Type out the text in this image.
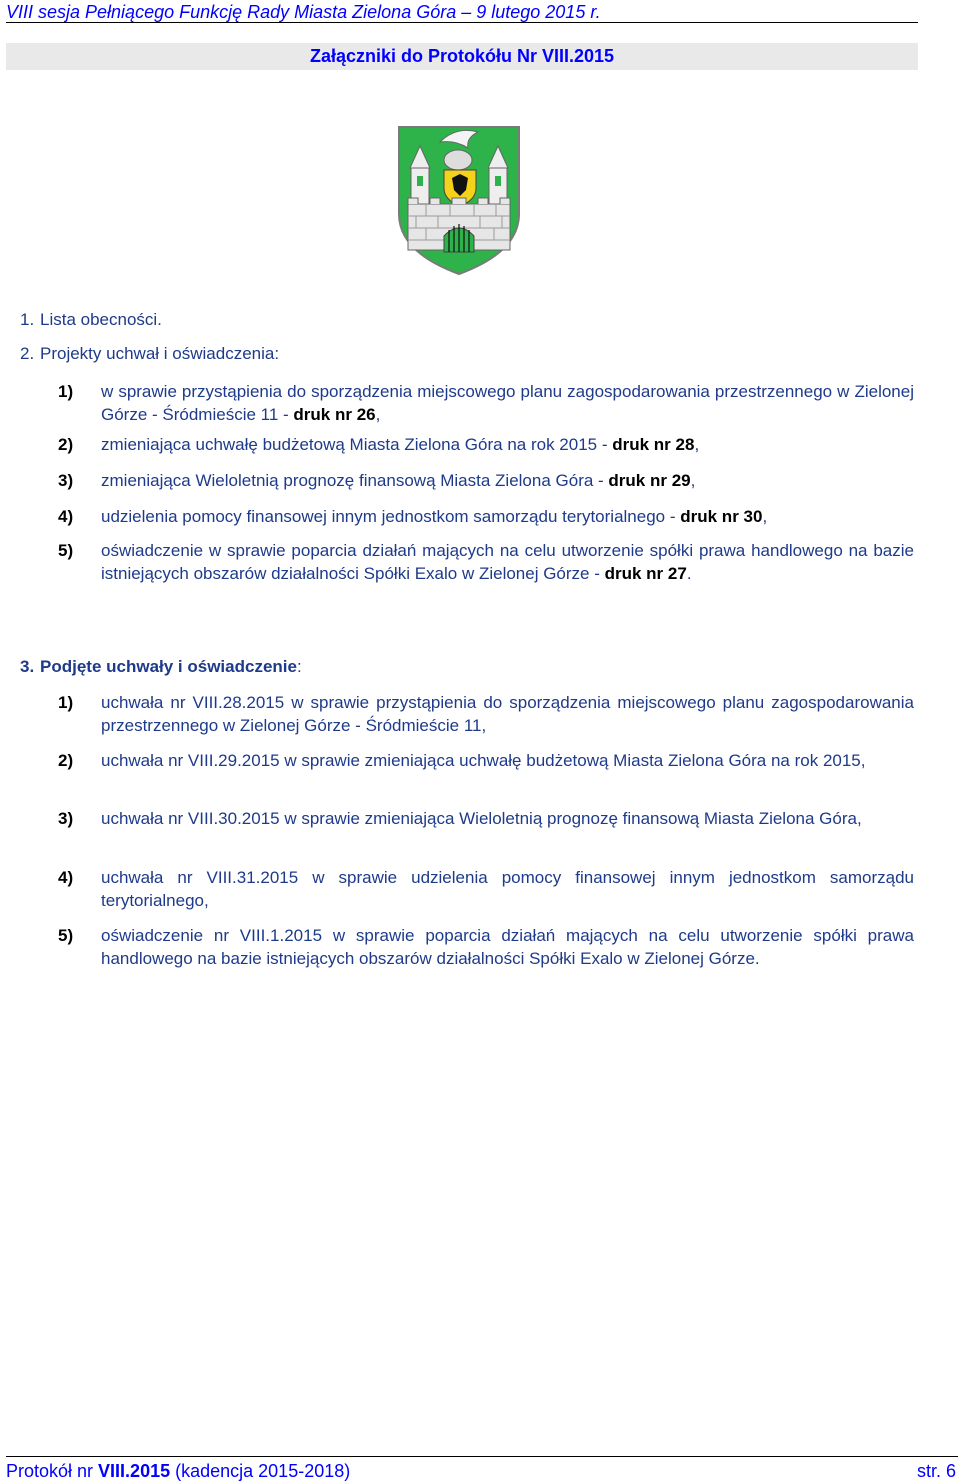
VIII sesja Pełniącego Funkcję Rady Miasta Zielona Góra – 9 lutego 2015 r.
Załączniki do Protokółu Nr VIII.2015
1. Lista obecności.
2. Projekty uchwał i oświadczenia:
1) w sprawie przystąpienia do sporządzenia miejscowego planu zagospodarowania przestrzennego w Zielonej Górze - Śródmieście 11 - druk nr 26,
2) zmieniająca uchwałę budżetową Miasta Zielona Góra na rok 2015 - druk nr 28,
3) zmieniająca Wieloletnią prognozę finansową Miasta Zielona Góra - druk nr 29,
4) udzielenia pomocy finansowej innym jednostkom samorządu terytorialnego - druk nr 30,
5) oświadczenie w sprawie poparcia działań mających na celu utworzenie spółki prawa handlowego na bazie istniejących obszarów działalności Spółki Exalo w Zielonej Górze - druk nr 27.
3. Podjęte uchwały i oświadczenie:
1) uchwała nr VIII.28.2015 w sprawie przystąpienia do sporządzenia miejscowego planu zagospodarowania przestrzennego w Zielonej Górze - Śródmieście 11,
2) uchwała nr VIII.29.2015 w sprawie zmieniająca uchwałę budżetową Miasta Zielona Góra na rok 2015,
3) uchwała nr VIII.30.2015 w sprawie zmieniająca Wieloletnią prognozę finansową Miasta Zielona Góra,
4) uchwała nr VIII.31.2015 w sprawie udzielenia pomocy finansowej innym jednostkom samorządu terytorialnego,
5) oświadczenie nr VIII.1.2015 w sprawie poparcia działań mających na celu utworzenie spółki prawa handlowego na bazie istniejących obszarów działalności Spółki Exalo w Zielonej Górze.
Protokół nr VIII.2015 (kadencja 2015-2018)	str. 6
